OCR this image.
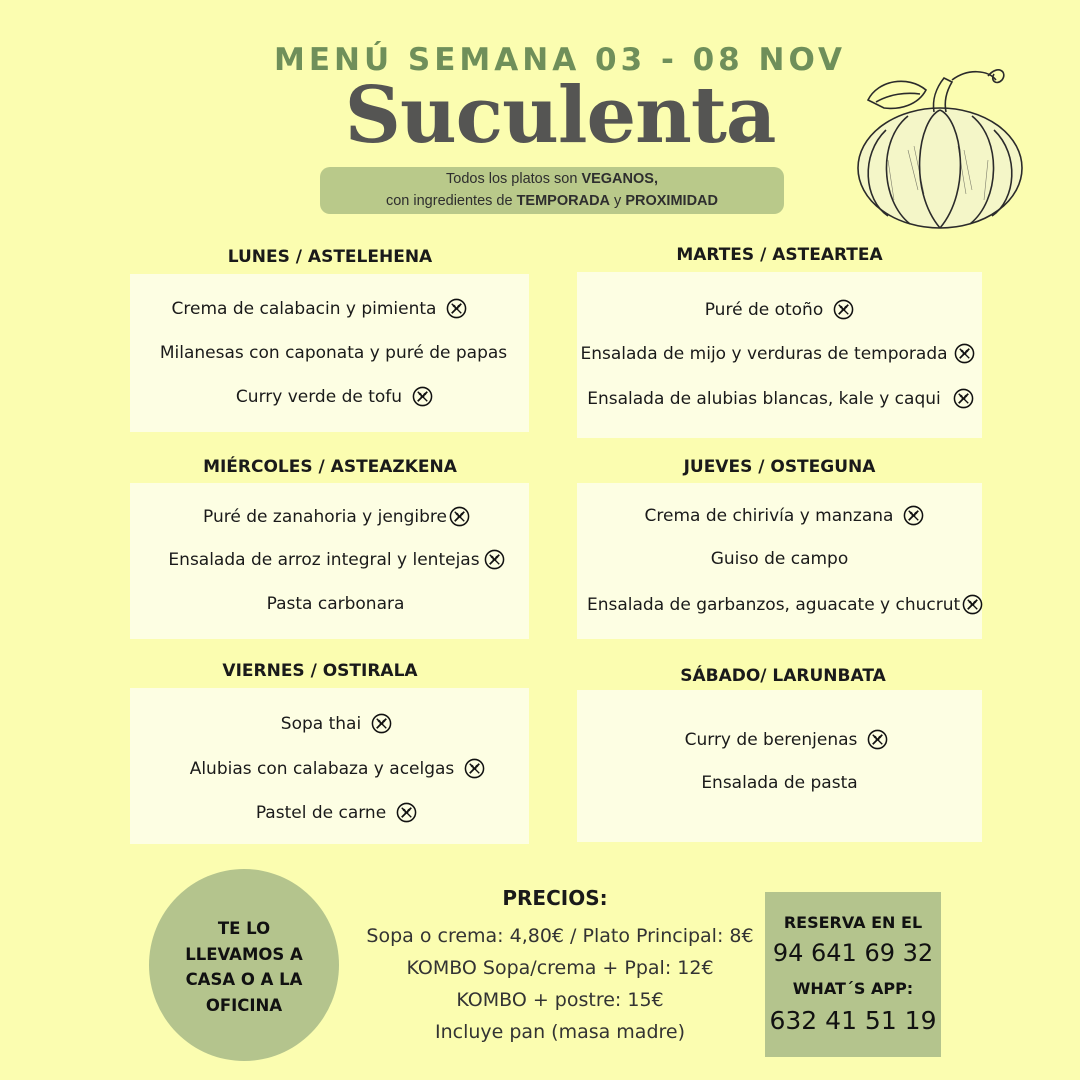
MENÚ SEMANA 03 - 08 NOV
Suculenta
Todos los platos son VEGANOS,
con ingredientes de TEMPORADA y PROXIMIDAD
LUNES / ASTELEHENA	MARTES / ASTEARTEA
MIÉRCOLES / ASTEAZKENA	JUEVES / OSTEGUNA
VIERNES / OSTIRALA	SÁBADO/ LARUNBATA
Crema de calabacin y pimienta
Milanesas con caponata y puré de papas
Curry verde de tofu
Puré de otoño
Ensalada de mijo y verduras de temporada
Ensalada de alubias blancas, kale y caqui
Puré de zanahoria y jengibre
Ensalada de arroz integral y lentejas
Pasta carbonara
Crema de chirivía y manzana
Guiso de campo
Ensalada de garbanzos, aguacate y chucrut
Sopa thai
Alubias con calabaza y acelgas
Pastel de carne
Curry de berenjenas
Ensalada de pasta
TE LO LLEVAMOS A CASA O A LA OFICINA
PRECIOS:
Sopa o crema: 4,80€ / Plato Principal: 8€
KOMBO Sopa/crema + Ppal: 12€
KOMBO + postre: 15€
Incluye pan (masa madre)
RESERVA EN EL
94 641 69 32
WHAT´S APP:
632 41 51 19
